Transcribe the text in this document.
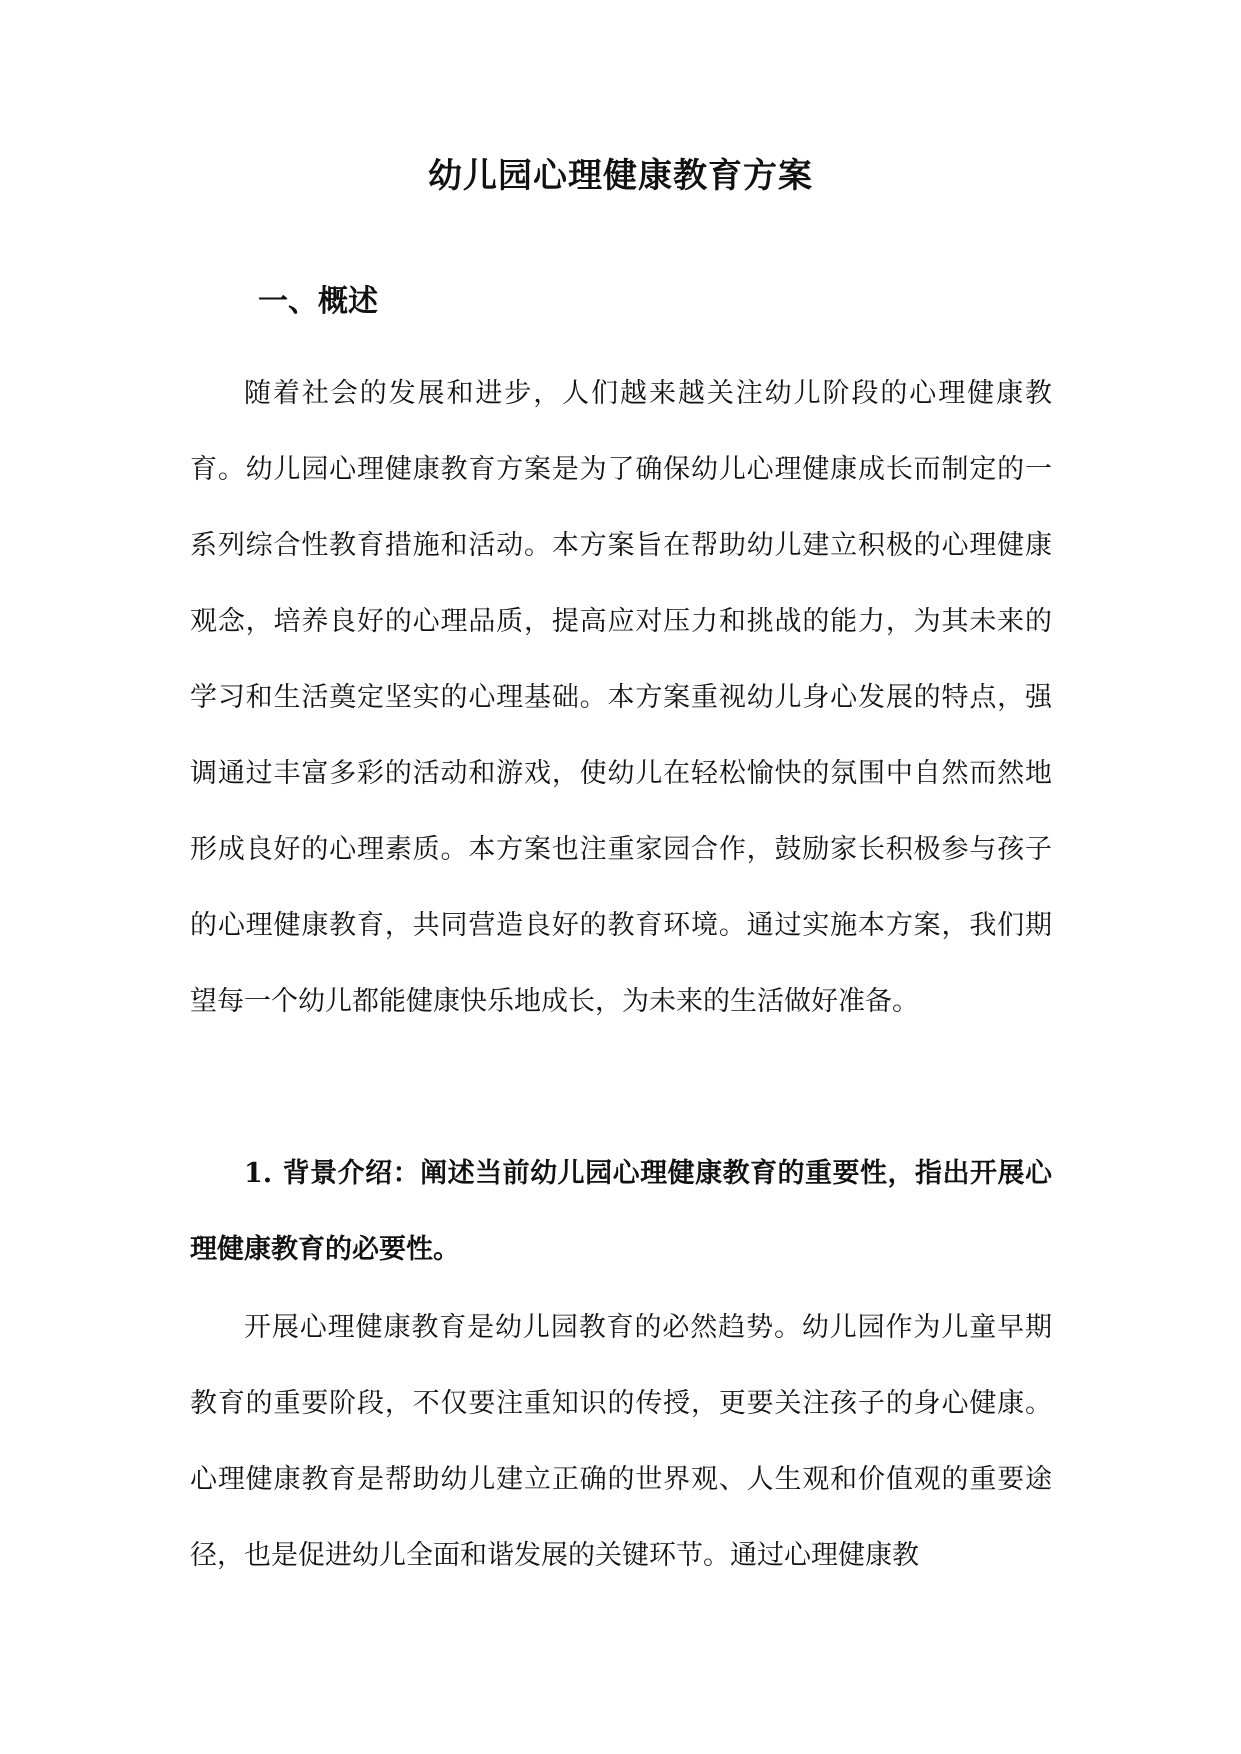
幼儿园心理健康教育方案
一、概述

随着社会的发展和进步，人们越来越关注幼儿阶段的心理健康教育。幼儿园心理健康教育方案是为了确保幼儿心理健康成长而制定的一系列综合性教育措施和活动。本方案旨在帮助幼儿建立积极的心理健康观念，培养良好的心理品质，提高应对压力和挑战的能力，为其未来的学习和生活奠定坚实的心理基础。本方案重视幼儿身心发展的特点，强调通过丰富多彩的活动和游戏，使幼儿在轻松愉快的氛围中自然而然地形成良好的心理素质。本方案也注重家园合作，鼓励家长积极参与孩子的心理健康教育，共同营造良好的教育环境。通过实施本方案，我们期望每一个幼儿都能健康快乐地成长，为未来的生活做好准备。

1. 背景介绍：阐述当前幼儿园心理健康教育的重要性，指出开展心理健康教育的必要性。

开展心理健康教育是幼儿园教育的必然趋势。幼儿园作为儿童早期教育的重要阶段，不仅要注重知识的传授，更要关注孩子的身心健康。心理健康教育是帮助幼儿建立正确的世界观、人生观和价值观的重要途径，也是促进幼儿全面和谐发展的关键环节。通过心理健康教
